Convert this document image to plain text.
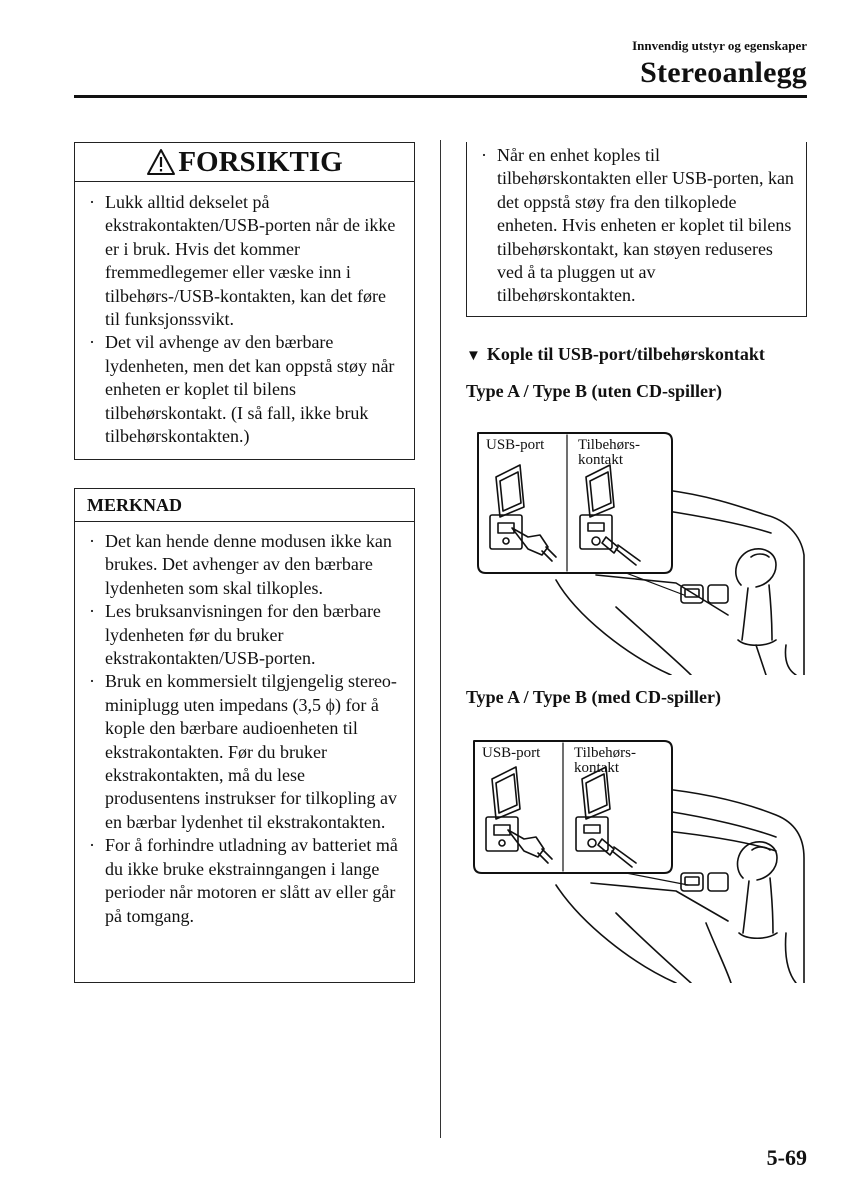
Innvendig utstyr og egenskaper
Stereoanlegg
FORSIKTIG
· Lukk alltid dekselet på ekstrakontakten/USB-porten når de ikke er i bruk. Hvis det kommer fremmedlegemer eller væske inn i tilbehørs-/USB-kontakten, kan det føre til funksjonssvikt.
· Det vil avhenge av den bærbare lydenheten, men det kan oppstå støy når enheten er koplet til bilens tilbehørskontakt. (I så fall, ikke bruk tilbehørskontakten.)
MERKNAD
· Det kan hende denne modusen ikke kan brukes. Det avhenger av den bærbare lydenheten som skal tilkoples.
· Les bruksanvisningen for den bærbare lydenheten før du bruker ekstrakontakten/USB-porten.
· Bruk en kommersielt tilgjengelig stereo-miniplugg uten impedans (3,5 ϕ) for å kople den bærbare audioenheten til ekstrakontakten. Før du bruker ekstrakontakten, må du lese produsentens instrukser for tilkopling av en bærbar lydenhet til ekstrakontakten.
· For å forhindre utladning av batteriet må du ikke bruke ekstrainngangen i lange perioder når motoren er slått av eller går på tomgang.
· Når en enhet koples til tilbehørskontakten eller USB-porten, kan det oppstå støy fra den tilkoplede enheten. Hvis enheten er koplet til bilens tilbehørskontakt, kan støyen reduseres ved å ta pluggen ut av tilbehørskontakten.
▼ Kople til USB-port/tilbehørskontakt
Type A / Type B (uten CD-spiller)
USB-port Tilbehørs-
kontakt
Type A / Type B (med CD-spiller)
USB-port Tilbehørs-
kontakt
5-69
